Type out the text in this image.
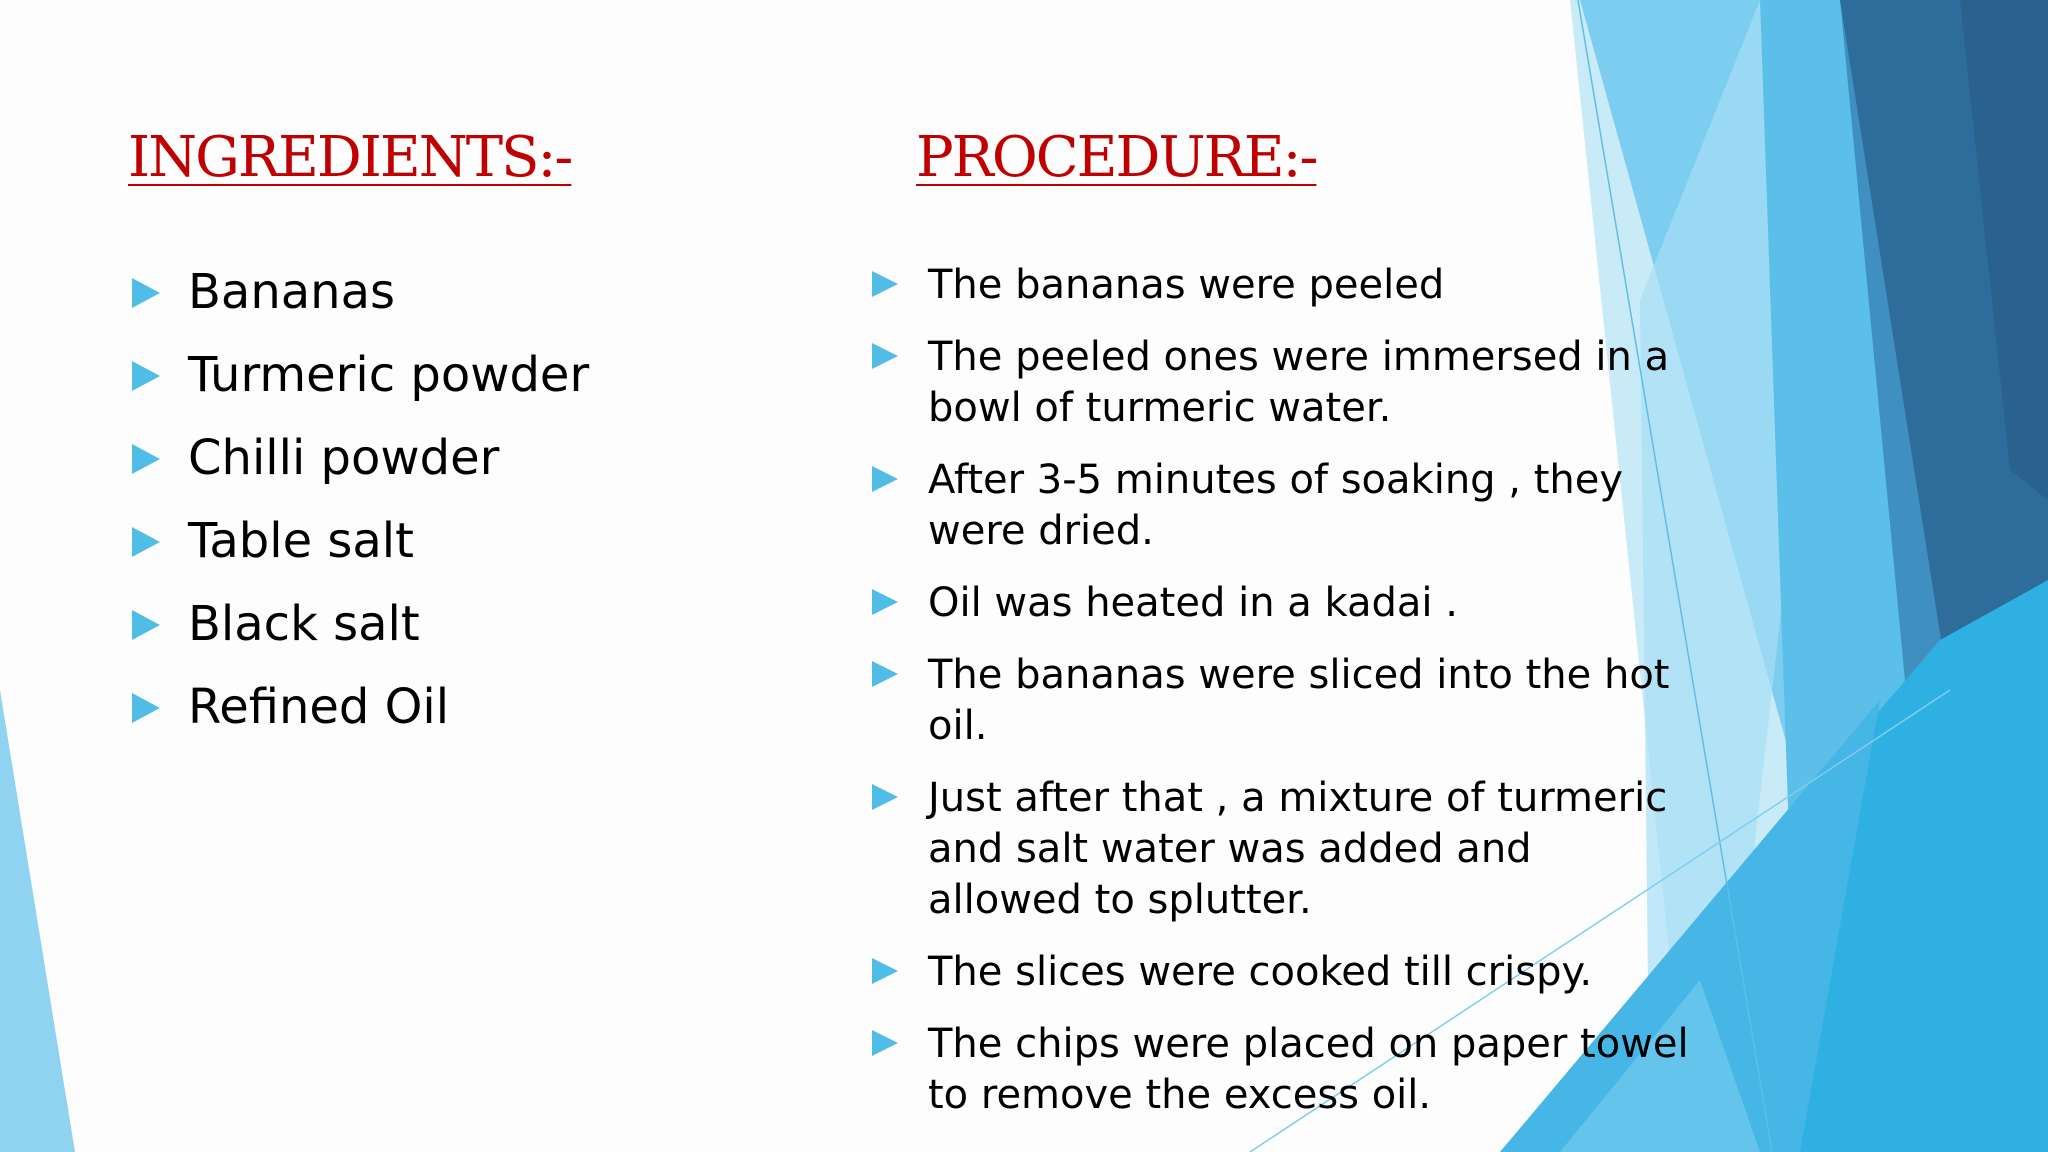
INGREDIENTS:-
Bananas
Turmeric powder
Chilli powder
Table salt
Black salt
Refined Oil
PROCEDURE:-
The bananas were peeled
The peeled ones were immersed in a bowl of turmeric water.
After 3-5 minutes of soaking , they were dried.
Oil was heated in a kadai .
The bananas were sliced into the hot oil.
Just after that , a mixture of turmeric and salt water was added and allowed to splutter.
The slices were cooked till crispy.
The chips were placed on paper towel to remove the excess oil.
